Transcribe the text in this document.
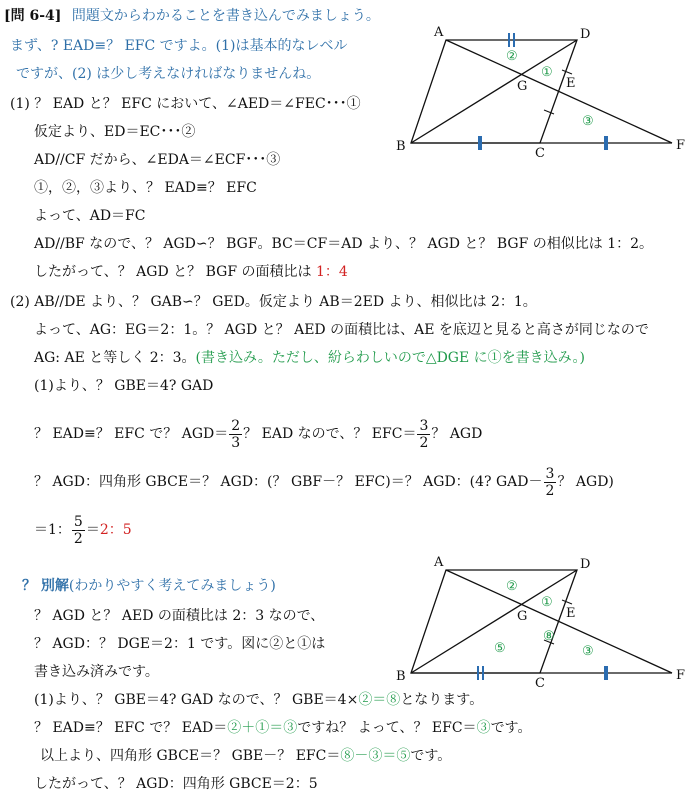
[問 6-4] 問題文からわかることを書き込んでみましょう。
まず、? EAD≡？ EFC ですよ。(1)は基本的なレベル
ですが、(2) は少し考えなければなりませんね。
(1) ？ EAD と？ EFC において、∠AED＝∠FEC･･･①
仮定より、ED＝EC･･･②
AD//CF だから、∠EDA＝∠ECF･･･③
①，②，③より、？ EAD≡？ EFC
よって、AD＝FC
AD//BF なので、？ AGD∽？ BGF。BC＝CF＝AD より、？ AGD と？ BGF の相似比は 1：2。
したがって、？ AGD と？ BGF の面積比は 1：4
(2) AB//DE より、？ GAB∽？ GED。仮定より AB＝2ED より、相似比は 2：1。
よって、AG：EG＝2：1。？ AGD と？ AED の面積比は、AE を底辺と見ると高さが同じなので
AG: AE と等しく 2：3。(書き込み。ただし、紛らわしいので△DGE に①を書き込み。)
(1)より、？ GBE＝4? GAD
？ EAD≡？ EFC で？ $AGD= \frac{2}{3}$ ？ EAD なので、？ $EFC= \frac{3}{2}$ ？ AGD
？ AGD：四角形 GBCE＝？ AGD：(？ GBF－？ EFC)＝？ AGD：(4? $GAD- \frac{3}{2}$ ？ AGD)
＝1： $\frac{5}{2} =2$：5
？ 別解(わかりやすく考えてみましょう)
？ AGD と？ AED の面積比は 2：3 なので、
？ AGD：？ DGE＝2：1 です。図に②と①は
書き込み済みです。
(1)より、？ GBE＝4? GAD なので、？ GBE＝4×②＝⑧となります。
？ EAD≡？ EFC で？ EAD＝②＋①＝③ですね？ よって、？ EFC＝③です。
以上より、四角形 GBCE＝？ GBE－？ EFC＝⑧－③＝⑤です。
したがって、？ AGD：四角形 GBCE＝2：5
A	D
B	C
F
G	E
②
①
③
A	D
B	C
F
G	E
②
①
③
⑤
⑧
